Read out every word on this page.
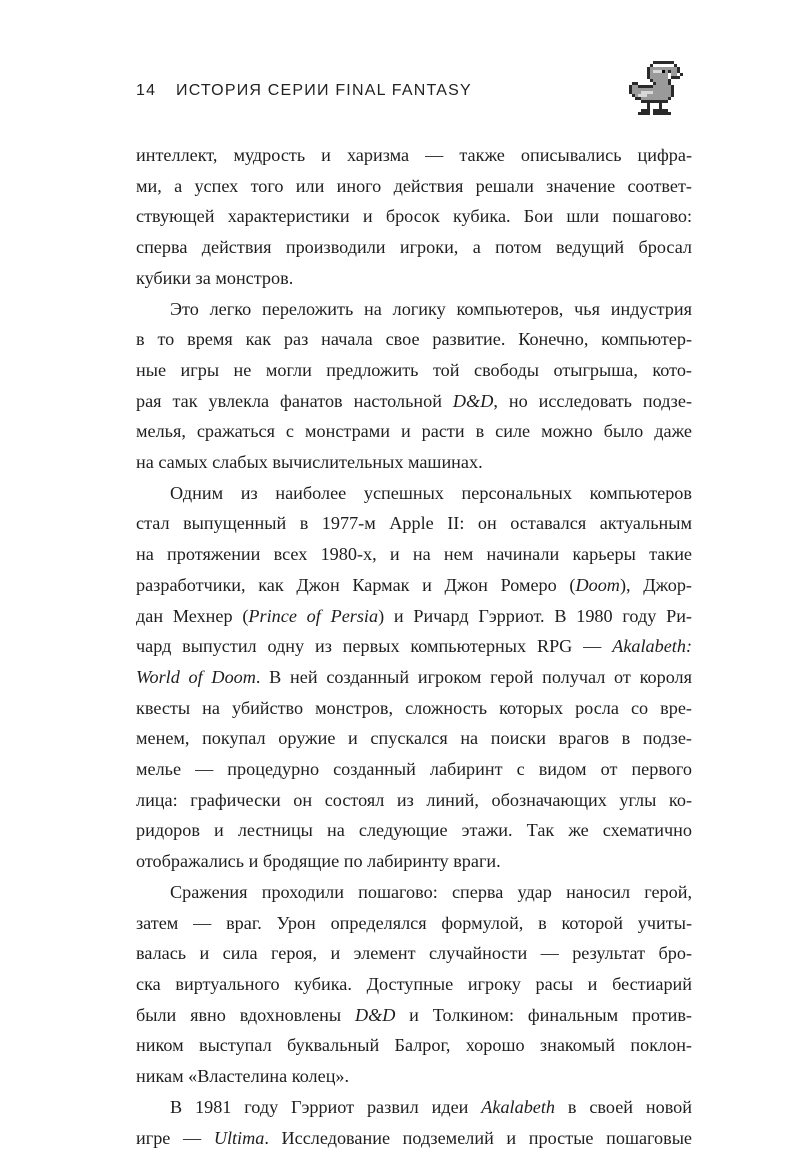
14 ИСТОРИЯ СЕРИИ FINAL FANTASY

интеллект, мудрость и харизма — также описывались цифра-
ми, а успех того или иного действия решали значение соответ-
ствующей характеристики и бросок кубика. Бои шли пошагово:
сперва действия производили игроки, а потом ведущий бросал
кубики за монстров.

Это легко переложить на логику компьютеров, чья индустрия
в то время как раз начала свое развитие. Конечно, компьютер-
ные игры не могли предложить той свободы отыгрыша, кото-
рая так увлекла фанатов настольной D&D, но исследовать подзе-
мелья, сражаться с монстрами и расти в силе можно было даже
на самых слабых вычислительных машинах.

Одним из наиболее успешных персональных компьютеров
стал выпущенный в 1977-м Apple II: он оставался актуальным
на протяжении всех 1980-х, и на нем начинали карьеры такие
разработчики, как Джон Кармак и Джон Ромеро (Doom), Джор-
дан Мехнер (Prince of Persia) и Ричард Гэрриот. В 1980 году Ри-
чард выпустил одну из первых компьютерных RPG — Akalabeth:
World of Doom. В ней созданный игроком герой получал от короля
квесты на убийство монстров, сложность которых росла со вре-
менем, покупал оружие и спускался на поиски врагов в подзе-
мелье — процедурно созданный лабиринт с видом от первого
лица: графически он состоял из линий, обозначающих углы ко-
ридоров и лестницы на следующие этажи. Так же схематично
отображались и бродящие по лабиринту враги.

Сражения проходили пошагово: сперва удар наносил герой,
затем — враг. Урон определялся формулой, в которой учиты-
валась и сила героя, и элемент случайности — результат бро-
ска виртуального кубика. Доступные игроку расы и бестиарий
были явно вдохновлены D&D и Толкином: финальным против-
ником выступал буквальный Балрог, хорошо знакомый поклон-
никам «Властелина колец».

В 1981 году Гэрриот развил идеи Akalabeth в своей новой
игре — Ultima. Исследование подземелий и простые пошаговые
